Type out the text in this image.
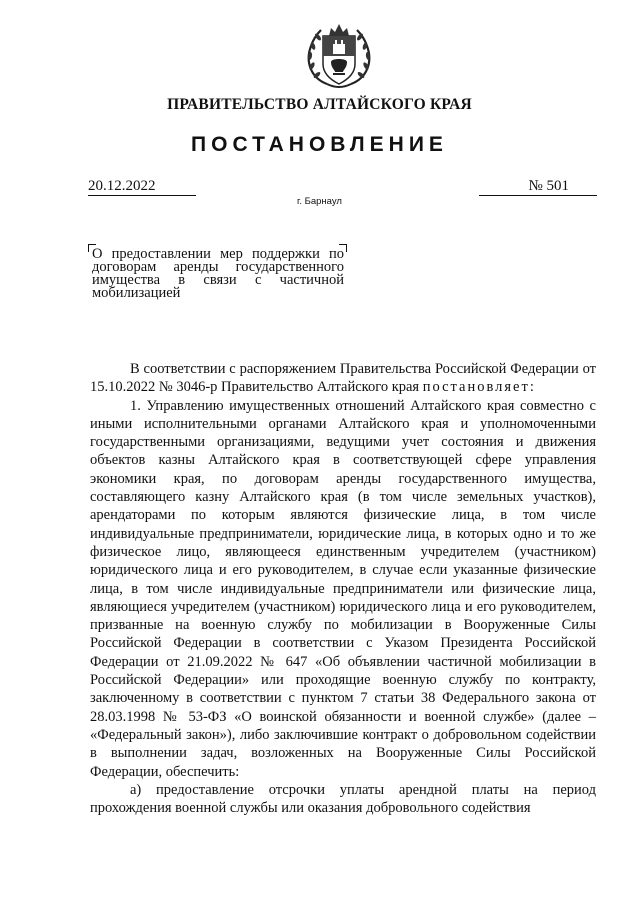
ПРАВИТЕЛЬСТВО АЛТАЙСКОГО КРАЯ
ПОСТАНОВЛЕНИЕ
20.12.2022	№ 501
г. Барнаул
О предоставлении мер поддержки по договорам аренды государственного имущества в связи с частичной мобилизацией

В соответствии с распоряжением Правительства Российской Федерации от 15.10.2022 № 3046-р Правительство Алтайского края постановляет:

1. Управлению имущественных отношений Алтайского края совместно с иными исполнительными органами Алтайского края и уполномоченными государственными организациями, ведущими учет состояния и движения объектов казны Алтайского края в соответствующей сфере управления экономики края, по договорам аренды государственного имущества, составляющего казну Алтайского края (в том числе земельных участков), арендаторами по которым являются физические лица, в том числе индивидуальные предприниматели, юридические лица, в которых одно и то же физическое лицо, являющееся единственным учредителем (участником) юридического лица и его руководителем, в случае если указанные физические лица, в том числе индивидуальные предприниматели или физические лица, являющиеся учредителем (участником) юридического лица и его руководителем, призванные на военную службу по мобилизации в Вооруженные Силы Российской Федерации в соответствии с Указом Президента Российской Федерации от 21.09.2022 № 647 «Об объявлении частичной мобилизации в Российской Федерации» или проходящие военную службу по контракту, заключенному в соответствии с пунктом 7 статьи 38 Федерального закона от 28.03.1998 № 53-ФЗ «О воинской обязанности и военной службе» (далее – «Федеральный закон»), либо заключившие контракт о добровольном содействии в выполнении задач, возложенных на Вооруженные Силы Российской Федерации, обеспечить:

а) предоставление отсрочки уплаты арендной платы на период прохождения военной службы или оказания добровольного содействия
